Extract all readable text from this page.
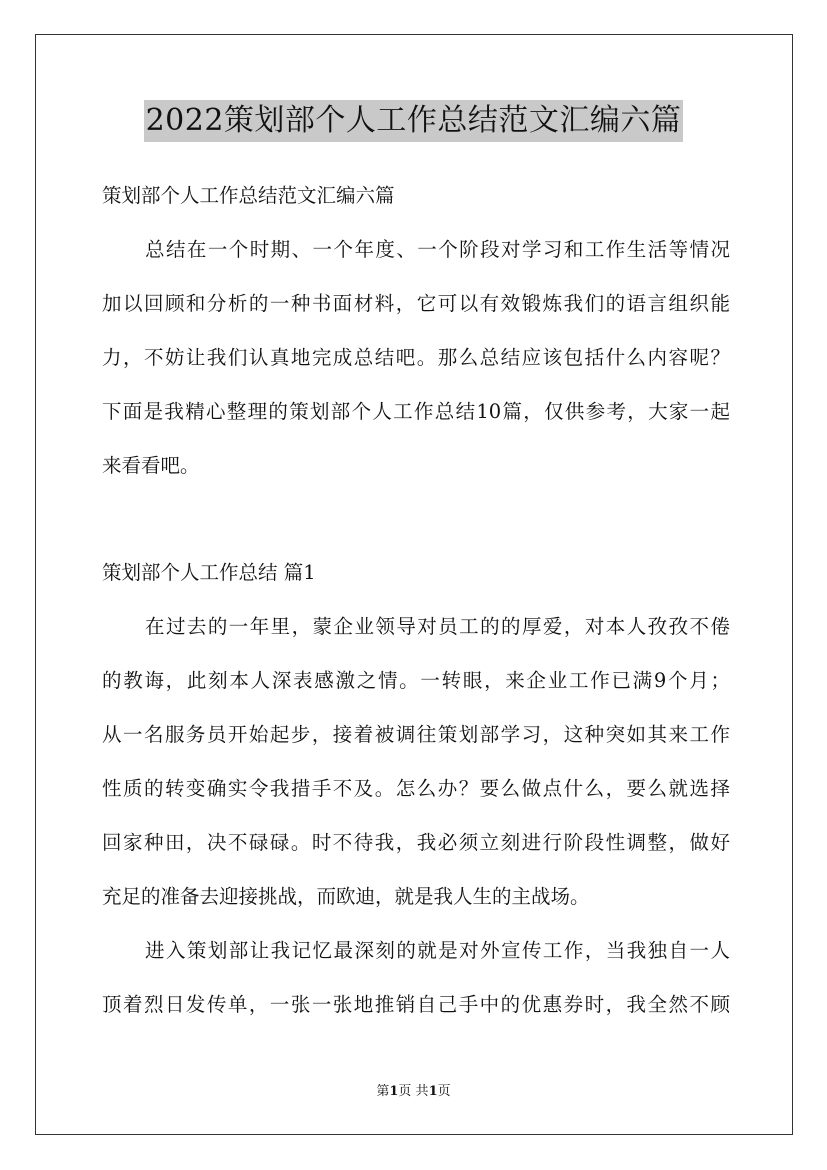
2022策划部个人工作总结范文汇编六篇
策划部个人工作总结范文汇编六篇
总结在一个时期、一个年度、一个阶段对学习和工作生活等情况
加以回顾和分析的一种书面材料，它可以有效锻炼我们的语言组织能
力，不妨让我们认真地完成总结吧。那么总结应该包括什么内容呢？
下面是我精心整理的策划部个人工作总结10篇，仅供参考，大家一起
来看看吧。
策划部个人工作总结 篇1
在过去的一年里，蒙企业领导对员工的的厚爱，对本人孜孜不倦
的教诲，此刻本人深表感激之情。一转眼，来企业工作已满9个月；
从一名服务员开始起步，接着被调往策划部学习，这种突如其来工作
性质的转变确实令我措手不及。怎么办？要么做点什么，要么就选择
回家种田，决不碌碌。时不待我，我必须立刻进行阶段性调整，做好
充足的准备去迎接挑战，而欧迪，就是我人生的主战场。
进入策划部让我记忆最深刻的就是对外宣传工作，当我独自一人
顶着烈日发传单，一张一张地推销自己手中的优惠券时，我全然不顾
第1页 共1页
